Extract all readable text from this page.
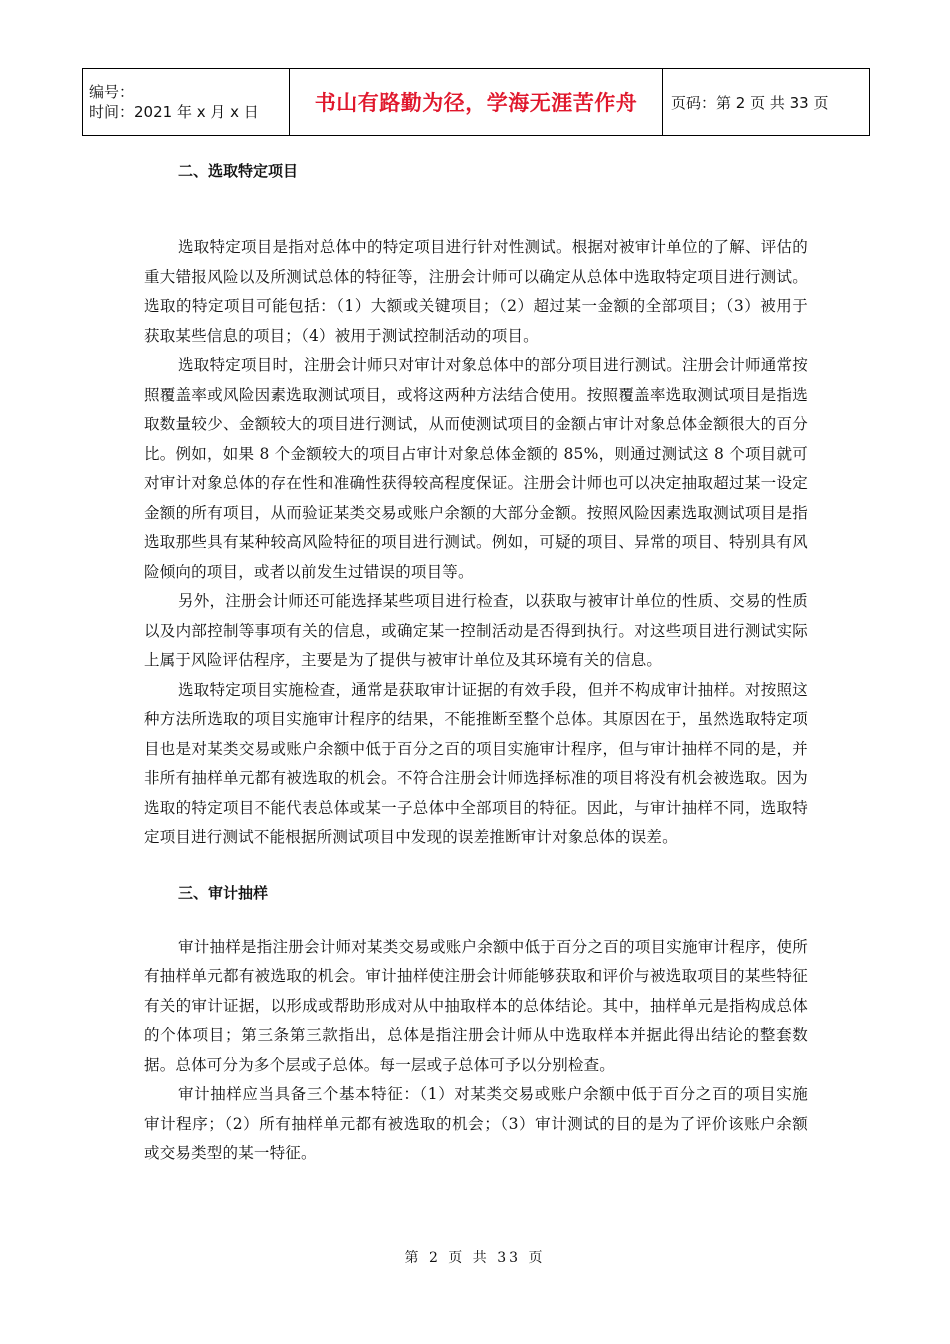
编号：
时间：2021 年 x 月 x 日	书山有路勤为径，学海无涯苦作舟	页码：第 2 页 共 33 页
二、选取特定项目

选取特定项目是指对总体中的特定项目进行针对性测试。根据对被审计单位的了解、评估的重大错报风险以及所测试总体的特征等，注册会计师可以确定从总体中选取特定项目进行测试。选取的特定项目可能包括：（1）大额或关键项目；（2）超过某一金额的全部项目；（3）被用于获取某些信息的项目；（4）被用于测试控制活动的项目。

选取特定项目时，注册会计师只对审计对象总体中的部分项目进行测试。注册会计师通常按照覆盖率或风险因素选取测试项目，或将这两种方法结合使用。按照覆盖率选取测试项目是指选取数量较少、金额较大的项目进行测试，从而使测试项目的金额占审计对象总体金额很大的百分比。例如，如果 8 个金额较大的项目占审计对象总体金额的 85%，则通过测试这 8 个项目就可对审计对象总体的存在性和准确性获得较高程度保证。注册会计师也可以决定抽取超过某一设定金额的所有项目，从而验证某类交易或账户余额的大部分金额。按照风险因素选取测试项目是指选取那些具有某种较高风险特征的项目进行测试。例如，可疑的项目、异常的项目、特别具有风险倾向的项目，或者以前发生过错误的项目等。

另外，注册会计师还可能选择某些项目进行检查，以获取与被审计单位的性质、交易的性质以及内部控制等事项有关的信息，或确定某一控制活动是否得到执行。对这些项目进行测试实际上属于风险评估程序，主要是为了提供与被审计单位及其环境有关的信息。

选取特定项目实施检查，通常是获取审计证据的有效手段，但并不构成审计抽样。对按照这种方法所选取的项目实施审计程序的结果，不能推断至整个总体。其原因在于，虽然选取特定项目也是对某类交易或账户余额中低于百分之百的项目实施审计程序，但与审计抽样不同的是，并非所有抽样单元都有被选取的机会。不符合注册会计师选择标准的项目将没有机会被选取。因为选取的特定项目不能代表总体或某一子总体中全部项目的特征。因此，与审计抽样不同，选取特定项目进行测试不能根据所测试项目中发现的误差推断审计对象总体的误差。

三、审计抽样

审计抽样是指注册会计师对某类交易或账户余额中低于百分之百的项目实施审计程序，使所有抽样单元都有被选取的机会。审计抽样使注册会计师能够获取和评价与被选取项目的某些特征有关的审计证据，以形成或帮助形成对从中抽取样本的总体结论。其中，抽样单元是指构成总体的个体项目；第三条第三款指出，总体是指注册会计师从中选取样本并据此得出结论的整套数据。总体可分为多个层或子总体。每一层或子总体可予以分别检查。

审计抽样应当具备三个基本特征：（1）对某类交易或账户余额中低于百分之百的项目实施审计程序；（2）所有抽样单元都有被选取的机会；（3）审计测试的目的是为了评价该账户余额或交易类型的某一特征。

第 2 页 共 33 页
